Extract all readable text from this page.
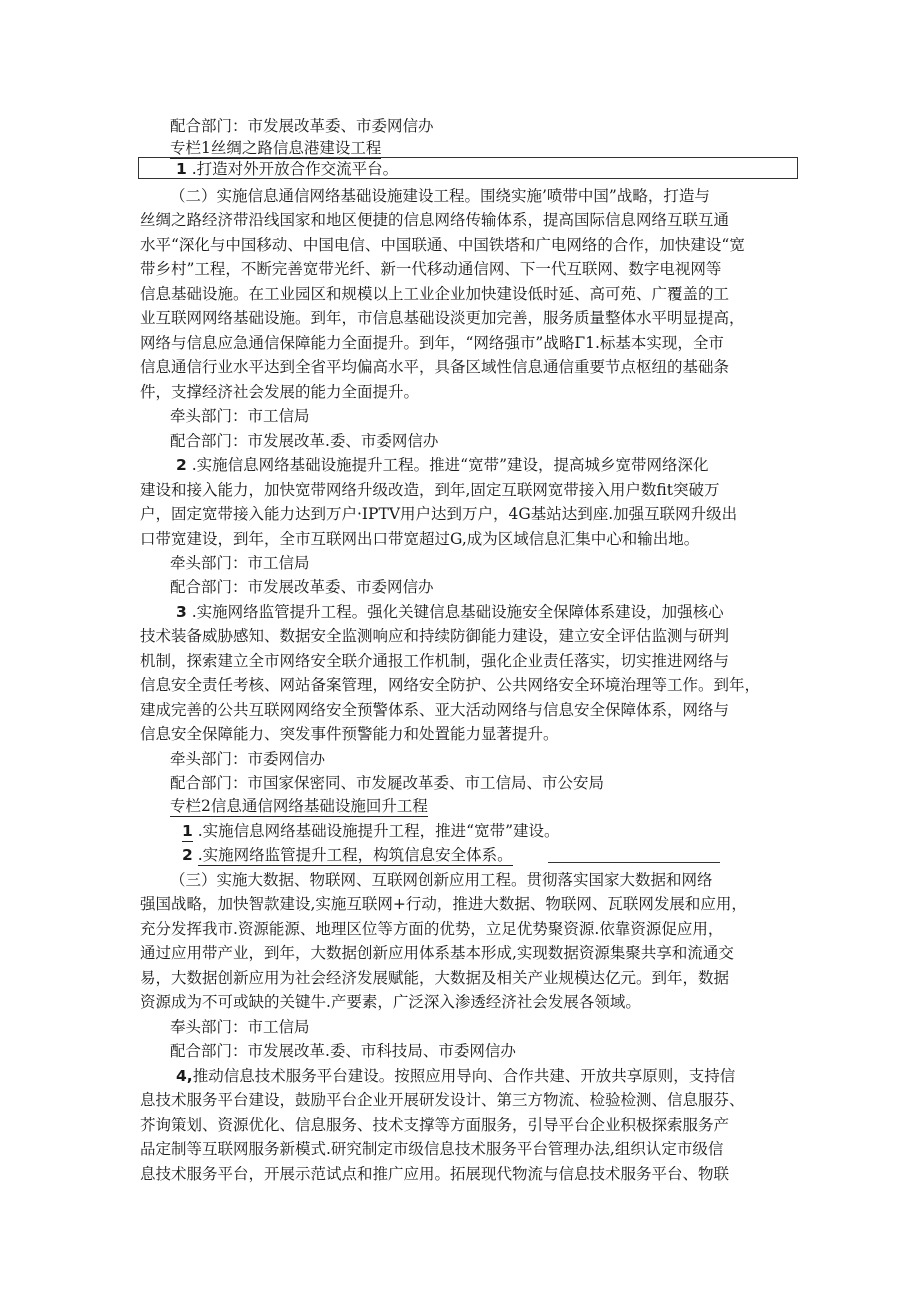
配合部门：市发展改革委、市委网信办
专栏1丝绸之路信息港建设工程
1 .打造对外开放合作交流平台。
（二）实施信息通信网络基础设施建设工程。围绕实施’喷带中国”战略，打造与
丝绸之路经济带沿线国家和地区便捷的信息网络传输体系，提高国际信息网络互联互通
水平“深化与中国移动、中国电信、中国联通、中国铁塔和广电网络的合作，加快建设“宽
带乡村”工程，不断完善宽带光纤、新一代移动通信网、下一代互联网、数字电视网等
信息基础设施。在工业园区和规模以上工业企业加快建设低时延、高可苑、广覆盖的工
业互联网网络基础设施。到年，市信息基础设淡更加完善，服务质量整体水平明显提高，
网络与信息应急通信保障能力全面提升。到年，“网络强市”战略Γ1.标基本实现，全市
信息通信行业水平达到全省平均偏高水平，具备区域性信息通信重要节点枢纽的基础条
件，支撑经济社会发展的能力全面提升。
牵头部门：市工信局
配合部门：市发展改革.委、市委网信办
2 .实施信息网络基础设施提升工程。推进“宽带”建设，提高城乡宽带网络深化
建设和接入能力，加快宽带网络升级改造，到年,固定互联网宽带接入用户数fit突破万
户，固定宽带接入能力达到万户·IPTV用户达到万户，4G基站达到座.加强互联网升级出
口带宽建设，到年，全市互联网出口带宽超过G,成为区域信息汇集中心和输出地。
牵头部门：市工信局
配合部门：市发展改革委、市委网信办
3 .实施网络监管提升工程。强化关键信息基础设施安全保障体系建设，加强核心
技术装备威胁感知、数据安全监测响应和持续防御能力建设，建立安全评估监测与研判
机制，探索建立全市网络安全联介通报工作机制，强化企业责任落实，切实推进网络与
信息安全责任考核、网站备案管理，网络安全防护、公共网络安全环境治理等工作。到年，
建成完善的公共互联网网络安全预警体系、亚大活动网络与信息安全保障体系，网络与
信息安全保障能力、突发事件预警能力和处置能力显著提升。
牵头部门：市委网信办
配合部门：市国家保密同、市发屣改革委、市工信局、市公安局
专栏2信息通信网络基础设施回升工程
1 .实施信息网络基础设施提升工程，推进“宽带”建设。
2 .实施网络监管提升工程，构筑信息安全体系。
（三）实施大数据、物联网、互联网创新应用工程。贯彻落实国家大数据和网络
强国战略，加快智款建设,实施互联网+行动，推进大数据、物联网、瓦联网发展和应用，
充分发挥我市.资源能源、地理区位等方面的优势，立足优势聚资源.依靠资源促应用，
通过应用带产业，到年，大数据创新应用体系基本形成,实现数据资源集聚共享和流通交
易，大数据创新应用为社会经济发展赋能，大数据及相关产业规模达亿元。到年，数据
资源成为不可或缺的关键牛.产要素，广泛深入渗透经济社会发展各领域。
奉头部门：市工信局
配合部门：市发展改革.委、市科技局、市委网信办
4,推动信息技术服务平台建设。按照应用导向、合作共建、开放共享原则，支持信
息技术服务平台建设，鼓励平台企业开展研发设计、第三方物流、检验检测、信息服芬、
芥询策划、资源优化、信息服务、技术支撑等方面服务，引导平台企业积极探索服务产
品定制等互联网服务新模式.研究制定市级信息技术服务平台管理办法,组织认定市级信
息技术服务平台，开展示范试点和推广应用。拓展现代物流与信息技术服务平台、物联
